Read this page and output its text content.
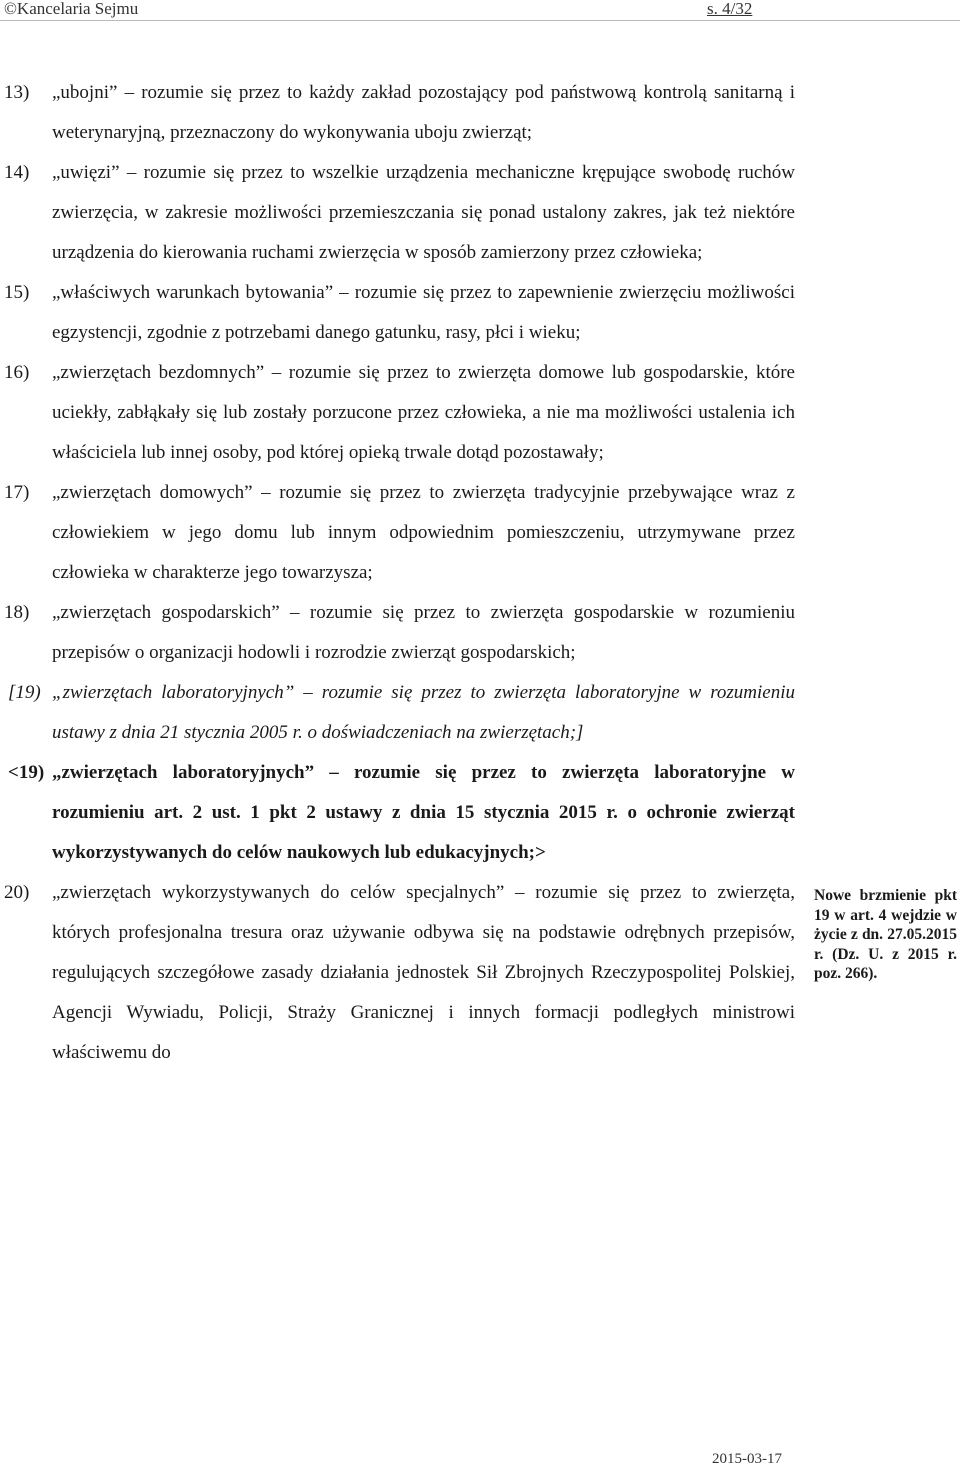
©Kancelaria Sejmu	s. 4/32
13) „ubojni” – rozumie się przez to każdy zakład pozostający pod państwową kontrolą sanitarną i weterynaryjną, przeznaczony do wykonywania uboju zwierząt;
14) „uwięzi” – rozumie się przez to wszelkie urządzenia mechaniczne krępujące swobodę ruchów zwierzęcia, w zakresie możliwości przemieszczania się ponad ustalony zakres, jak też niektóre urządzenia do kierowania ruchami zwierzęcia w sposób zamierzony przez człowieka;
15) „właściwych warunkach bytowania” – rozumie się przez to zapewnienie zwierzęciu możliwości egzystencji, zgodnie z potrzebami danego gatunku, rasy, płci i wieku;
16) „zwierzętach bezdomnych” – rozumie się przez to zwierzęta domowe lub gospodarskie, które uciekły, zabłąkały się lub zostały porzucone przez człowieka, a nie ma możliwości ustalenia ich właściciela lub innej osoby, pod której opieką trwale dotąd pozostawały;
17) „zwierzętach domowych” – rozumie się przez to zwierzęta tradycyjnie przebywające wraz z człowiekiem w jego domu lub innym odpowiednim pomieszczeniu, utrzymywane przez człowieka w charakterze jego towarzysza;
18) „zwierzętach gospodarskich” – rozumie się przez to zwierzęta gospodarskie w rozumieniu przepisów o organizacji hodowli i rozrodzie zwierząt gospodarskich;
[19) „zwierzętach laboratoryjnych” – rozumie się przez to zwierzęta laboratoryjne w rozumieniu ustawy z dnia 21 stycznia 2005 r. o doświadczeniach na zwierzętach;]
<19) „zwierzętach laboratoryjnych” – rozumie się przez to zwierzęta laboratoryjne w rozumieniu art. 2 ust. 1 pkt 2 ustawy z dnia 15 stycznia 2015 r. o ochronie zwierząt wykorzystywanych do celów naukowych lub edukacyjnych;>
20) „zwierzętach wykorzystywanych do celów specjalnych” – rozumie się przez to zwierzęta, których profesjonalna tresura oraz używanie odbywa się na podstawie odrębnych przepisów, regulujących szczegółowe zasady działania jednostek Sił Zbrojnych Rzeczypospolitej Polskiej, Agencji Wywiadu, Policji, Straży Granicznej i innych formacji podległych ministrowi właściwemu do
Nowe brzmienie pkt 19 w art. 4 wejdzie w życie z dn. 27.05.2015 r. (Dz. U. z 2015 r. poz. 266).
2015-03-17
